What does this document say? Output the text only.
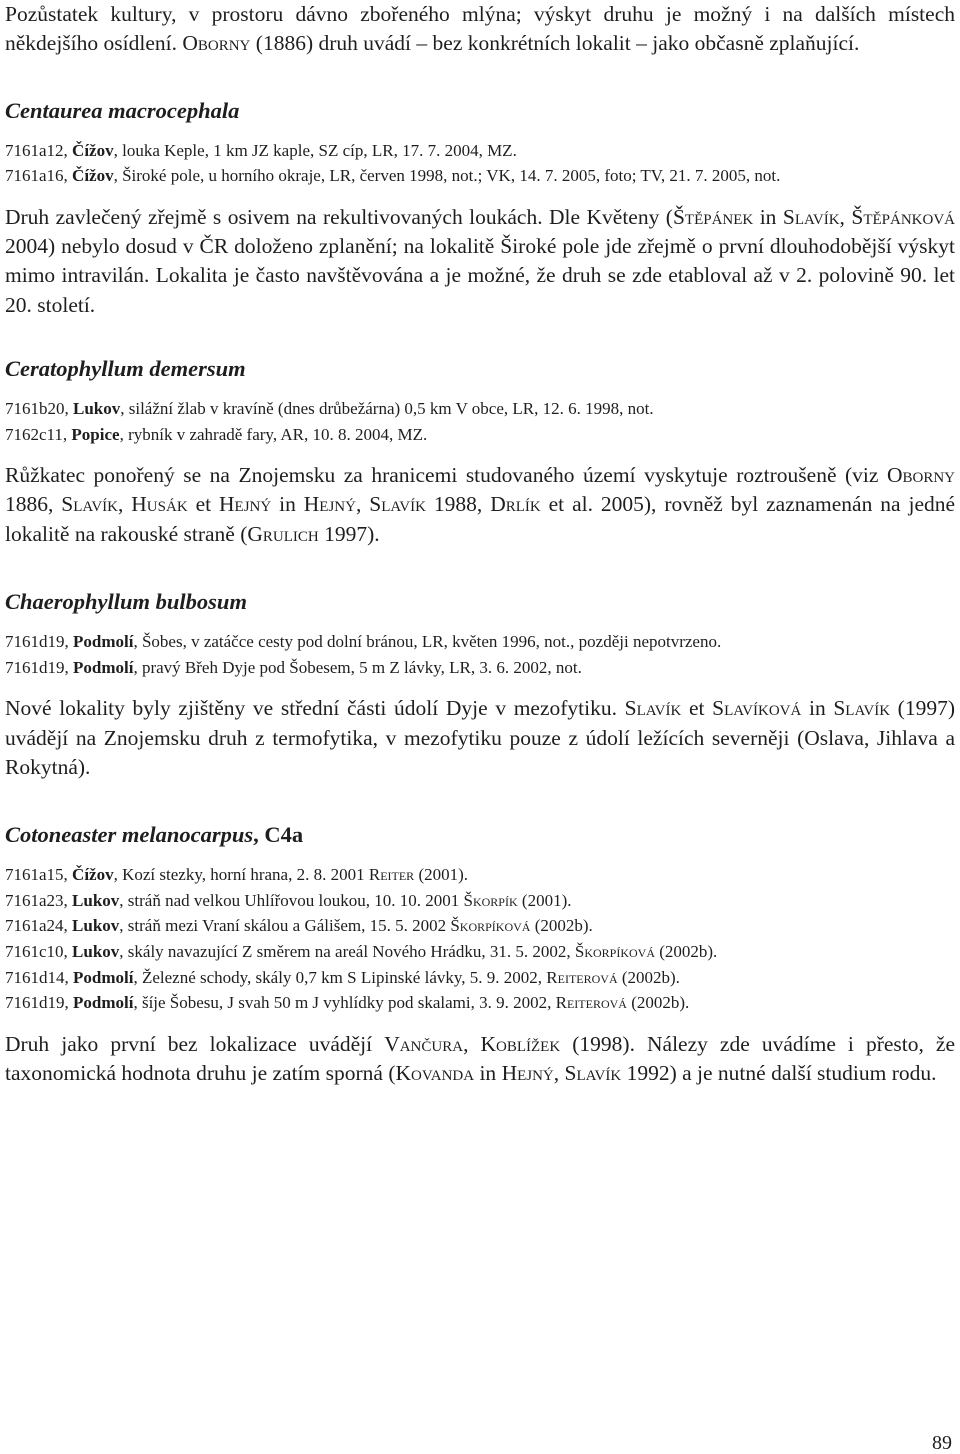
Pozůstatek kultury, v prostoru dávno zbořeného mlýna; výskyt druhu je možný i na dalších místech někdejšího osídlení. Oborny (1886) druh uvádí – bez konkrétních lokalit – jako občasně zplaňující.

Centaurea macrocephala

7161a12, Čížov, louka Keple, 1 km JZ kaple, SZ cíp, LR, 17. 7. 2004, MZ.

7161a16, Čížov, Široké pole, u horního okraje, LR, červen 1998, not.; VK, 14. 7. 2005, foto; TV, 21. 7. 2005, not.

Druh zavlečený zřejmě s osivem na rekultivovaných loukách. Dle Květeny (Štěpánek in Slavík, Štěpánková 2004) nebylo dosud v ČR doloženo zplanění; na lokalitě Široké pole jde zřejmě o první dlouhodobější výskyt mimo intravilán. Lokalita je často navštěvována a je možné, že druh se zde etabloval až v 2. polovině 90. let 20. století.

Ceratophyllum demersum

7161b20, Lukov, silážní žlab v kravíně (dnes drůbežárna) 0,5 km V obce, LR, 12. 6. 1998, not.

7162c11, Popice, rybník v zahradě fary, AR, 10. 8. 2004, MZ.

Růžkatec ponořený se na Znojemsku za hranicemi studovaného území vyskytuje roztroušeně (viz Oborny 1886, Slavík, Husák et Hejný in Hejný, Slavík 1988, Drlík et al. 2005), rovněž byl zaznamenán na jedné lokalitě na rakouské straně (Grulich 1997).

Chaerophyllum bulbosum

7161d19, Podmolí, Šobes, v zatáčce cesty pod dolní bránou, LR, květen 1996, not., později nepotvrzeno.

7161d19, Podmolí, pravý Břeh Dyje pod Šobesem, 5 m Z lávky, LR, 3. 6. 2002, not.

Nové lokality byly zjištěny ve střední části údolí Dyje v mezofytiku. Slavík et Slavíková in Slavík (1997) uvádějí na Znojemsku druh z termofytika, v mezofytiku pouze z údolí ležících severněji (Oslava, Jihlava a Rokytná).

Cotoneaster melanocarpus, C4a

7161a15, Čížov, Kozí stezky, horní hrana, 2. 8. 2001 Reiter (2001).

7161a23, Lukov, stráň nad velkou Uhlířovou loukou, 10. 10. 2001 Škorpík (2001).

7161a24, Lukov, stráň mezi Vraní skálou a Gálišem, 15. 5. 2002 Škorpíková (2002b).

7161c10, Lukov, skály navazující Z směrem na areál Nového Hrádku, 31. 5. 2002, Škorpíková (2002b).

7161d14, Podmolí, Železné schody, skály 0,7 km S Lipinské lávky, 5. 9. 2002, Reiterová (2002b).

7161d19, Podmolí, šíje Šobesu, J svah 50 m J vyhlídky pod skalami, 3. 9. 2002, Reiterová (2002b).

Druh jako první bez lokalizace uvádějí Vančura, Koblížek (1998). Nálezy zde uvádíme i přesto, že taxonomická hodnota druhu je zatím sporná (Kovanda in Hejný, Slavík 1992) a je nutné další studium rodu.

89
